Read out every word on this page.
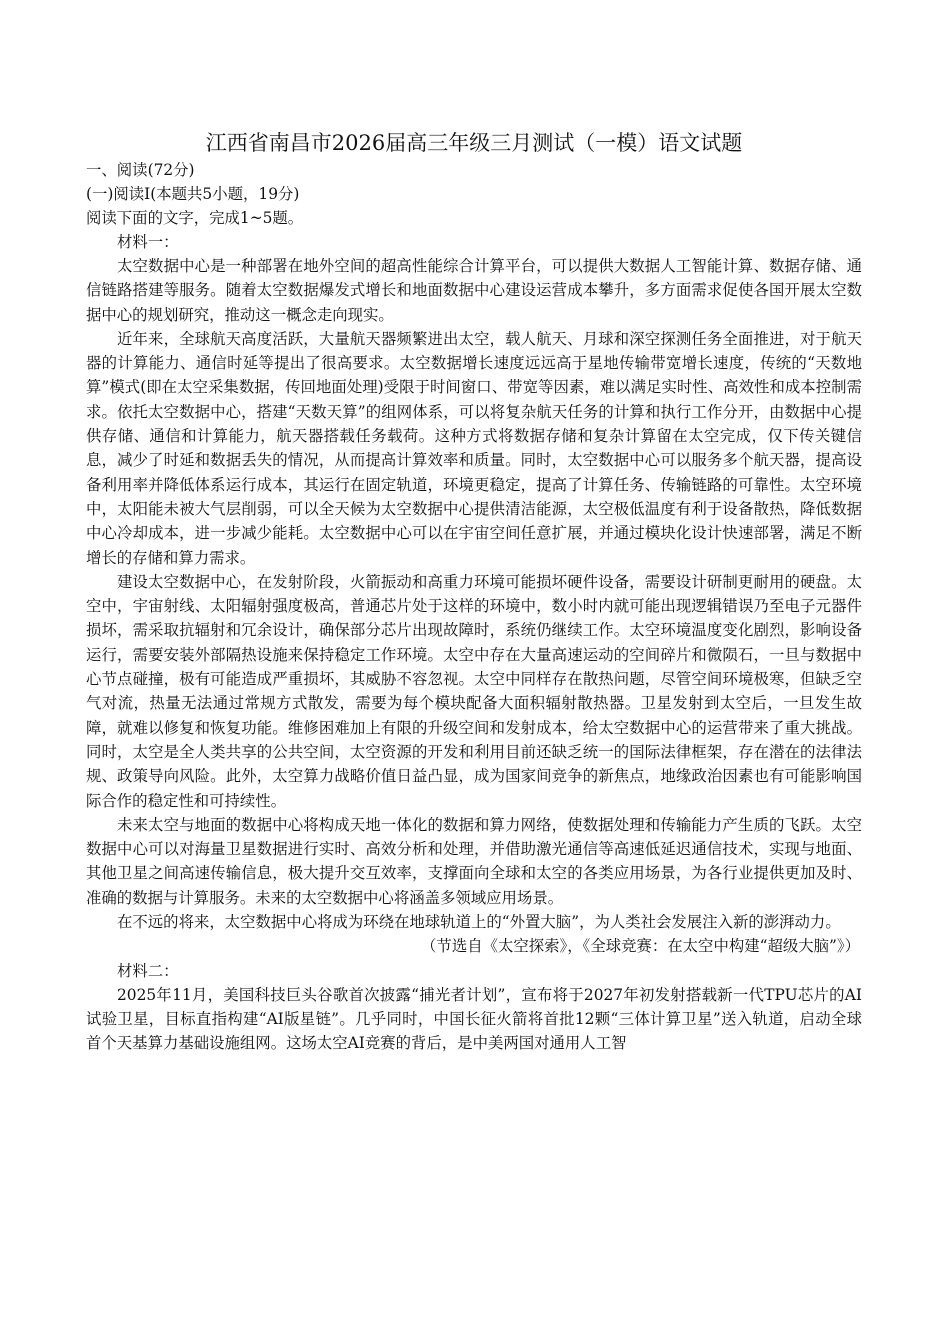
江西省南昌市2026届高三年级三月测试（一模）语文试题

一、阅读(72分)

(一)阅读Ⅰ(本题共5小题，19分)

阅读下面的文字，完成1~5题。

材料一：

太空数据中心是一种部署在地外空间的超高性能综合计算平台，可以提供大数据人工智能计算、数据存储、通信链路搭建等服务。随着太空数据爆发式增长和地面数据中心建设运营成本攀升，多方面需求促使各国开展太空数据中心的规划研究，推动这一概念走向现实。

近年来，全球航天高度活跃，大量航天器频繁进出太空，载人航天、月球和深空探测任务全面推进，对于航天器的计算能力、通信时延等提出了很高要求。太空数据增长速度远远高于星地传输带宽增长速度，传统的“天数地算”模式(即在太空采集数据，传回地面处理)受限于时间窗口、带宽等因素，难以满足实时性、高效性和成本控制需求。依托太空数据中心，搭建“天数天算”的组网体系，可以将复杂航天任务的计算和执行工作分开，由数据中心提供存储、通信和计算能力，航天器搭载任务载荷。这种方式将数据存储和复杂计算留在太空完成，仅下传关键信息，减少了时延和数据丢失的情况，从而提高计算效率和质量。同时，太空数据中心可以服务多个航天器，提高设备利用率并降低体系运行成本，其运行在固定轨道，环境更稳定，提高了计算任务、传输链路的可靠性。太空环境中，太阳能未被大气层削弱，可以全天候为太空数据中心提供清洁能源，太空极低温度有利于设备散热，降低数据中心冷却成本，进一步减少能耗。太空数据中心可以在宇宙空间任意扩展，并通过模块化设计快速部署，满足不断增长的存储和算力需求。

建设太空数据中心，在发射阶段，火箭振动和高重力环境可能损坏硬件设备，需要设计研制更耐用的硬盘。太空中，宇宙射线、太阳辐射强度极高，普通芯片处于这样的环境中，数小时内就可能出现逻辑错误乃至电子元器件损坏，需采取抗辐射和冗余设计，确保部分芯片出现故障时，系统仍继续工作。太空环境温度变化剧烈，影响设备运行，需要安装外部隔热设施来保持稳定工作环境。太空中存在大量高速运动的空间碎片和微陨石，一旦与数据中心节点碰撞，极有可能造成严重损坏，其威胁不容忽视。太空中同样存在散热问题，尽管空间环境极寒，但缺乏空气对流，热量无法通过常规方式散发，需要为每个模块配备大面积辐射散热器。卫星发射到太空后，一旦发生故障，就难以修复和恢复功能。维修困难加上有限的升级空间和发射成本，给太空数据中心的运营带来了重大挑战。同时，太空是全人类共享的公共空间，太空资源的开发和利用目前还缺乏统一的国际法律框架，存在潜在的法律法规、政策导向风险。此外，太空算力战略价值日益凸显，成为国家间竞争的新焦点，地缘政治因素也有可能影响国际合作的稳定性和可持续性。

未来太空与地面的数据中心将构成天地一体化的数据和算力网络，使数据处理和传输能力产生质的飞跃。太空数据中心可以对海量卫星数据进行实时、高效分析和处理，并借助激光通信等高速低延迟通信技术，实现与地面、其他卫星之间高速传输信息，极大提升交互效率，支撑面向全球和太空的各类应用场景，为各行业提供更加及时、准确的数据与计算服务。未来的太空数据中心将涵盖多领域应用场景。

在不远的将来，太空数据中心将成为环绕在地球轨道上的“外置大脑”，为人类社会发展注入新的澎湃动力。

（节选自《太空探索》，《全球竞赛：在太空中构建“超级大脑”》）

材料二：

2025年11月，美国科技巨头谷歌首次披露“捕光者计划”，宣布将于2027年初发射搭载新一代TPU芯片的AI试验卫星，目标直指构建“AI版星链”。几乎同时，中国长征火箭将首批12颗“三体计算卫星”送入轨道，启动全球首个天基算力基础设施组网。这场太空AI竞赛的背后，是中美两国对通用人工智
